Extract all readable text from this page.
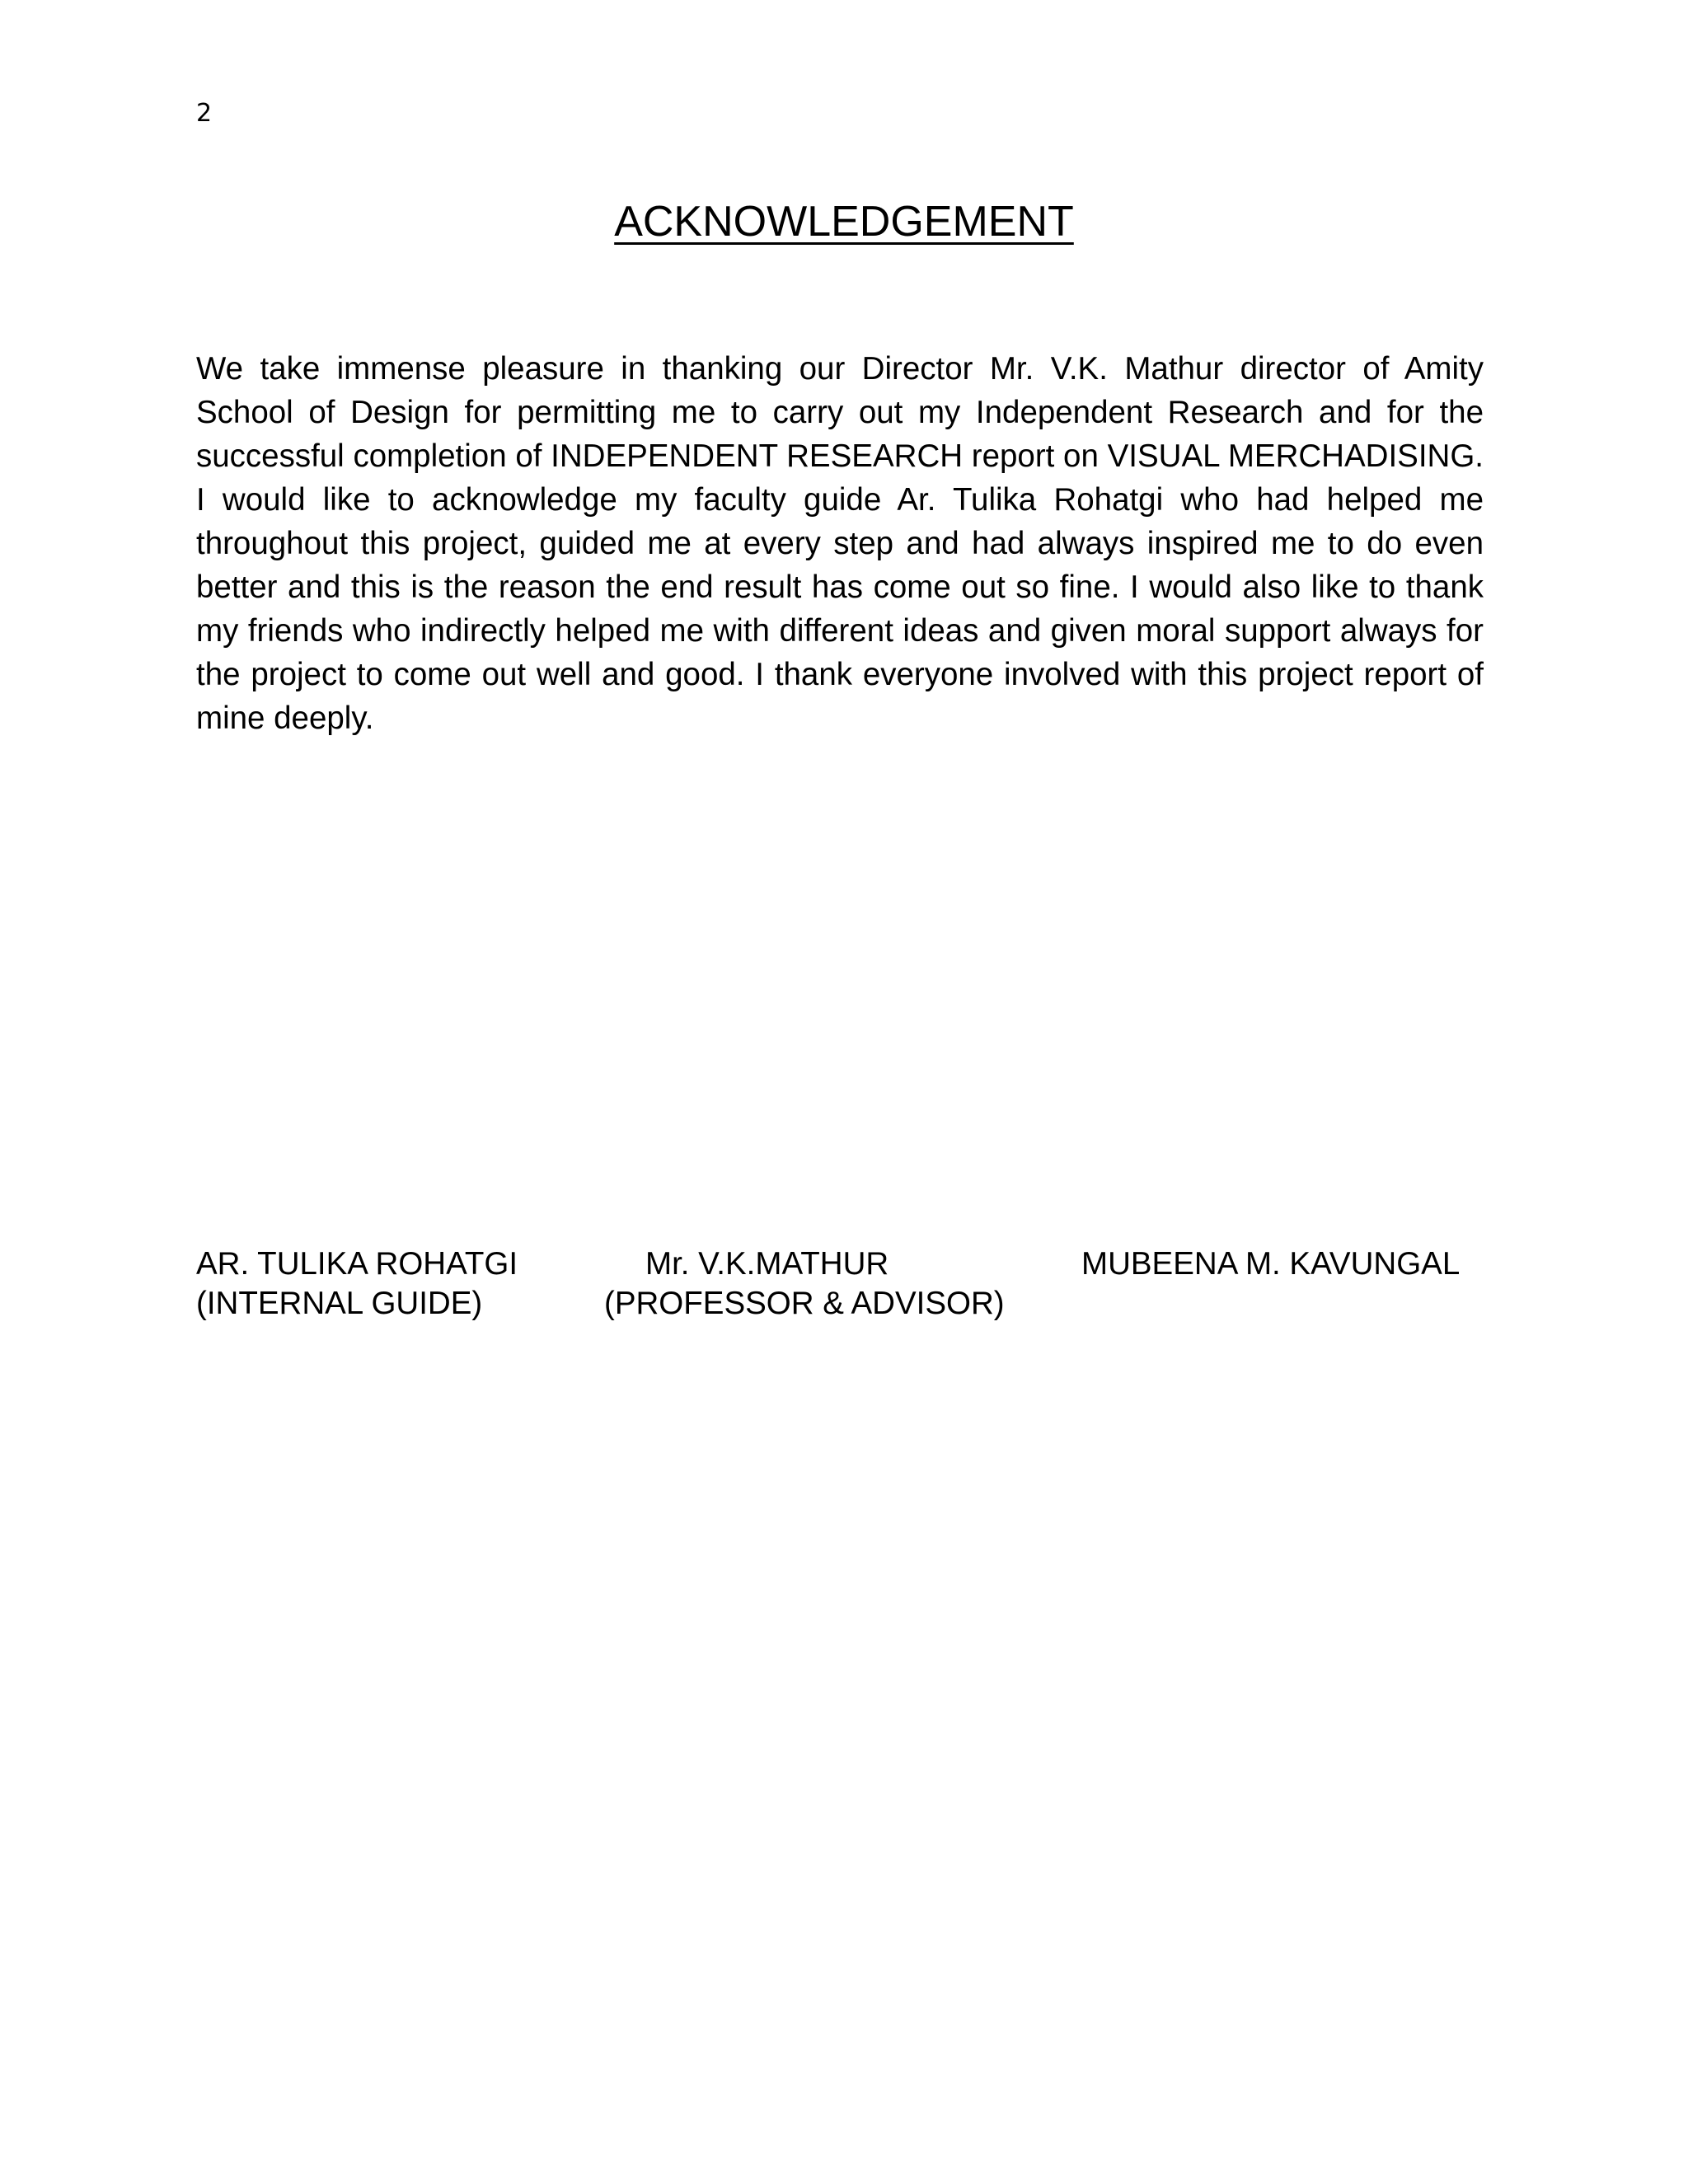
2
ACKNOWLEDGEMENT

We take immense pleasure in thanking our Director Mr. V.K. Mathur director of Amity School of Design for permitting me to carry out my Independent Research and for the successful completion of INDEPENDENT RESEARCH report on VISUAL MERCHADISING. I would like to acknowledge my faculty guide Ar. Tulika Rohatgi who had helped me throughout this project, guided me at every step and had always inspired me to do even better and this is the reason the end result has come out so fine. I would also like to thank my friends who indirectly helped me with different ideas and given moral support always for the project to come out well and good. I thank everyone involved with this project report of mine deeply.

AR. TULIKA ROHATGI	Mr. V.K.MATHUR	MUBEENA M. KAVUNGAL
(INTERNAL GUIDE)	(PROFESSOR & ADVISOR)
